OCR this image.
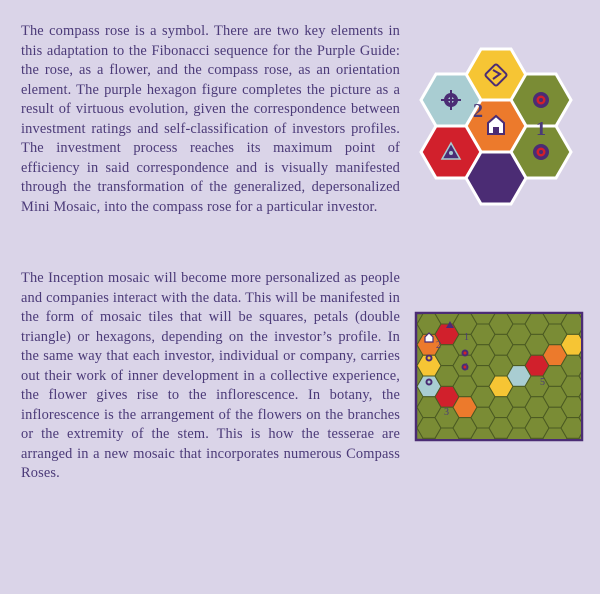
The compass rose is a symbol. There are two key elements in this adaptation to the Fibonacci sequence for the Purple Guide: the rose, as a flower, and the compass rose, as an orientation element. The purple hexagon figure completes the picture as a result of virtuous evolution, given the correspondence between investment ratings and self-classification of investors profiles. The investment process reaches its maximum point of efficiency in said correspondence and is visually manifested through the transformation of the generalized, depersonalized Mini Mosaic, into the compass rose for a particular investor.

The Inception mosaic will become more personalized as people and companies interact with the data. This will be manifested in the form of mosaic tiles that will be squares, petals (double triangle) or hexagons, depending on the investor’s profile. In the same way that each investor, individual or company, carries out their work of inner development in a collective experience, the flower gives rise to the inflorescence. In botany, the inflorescence is the arrangement of the flowers on the branches or the extremity of the stem. This is how the tesserae are arranged in a new mosaic that incorporates numerous Compass Roses.

2
1
1
2
1
5
3
